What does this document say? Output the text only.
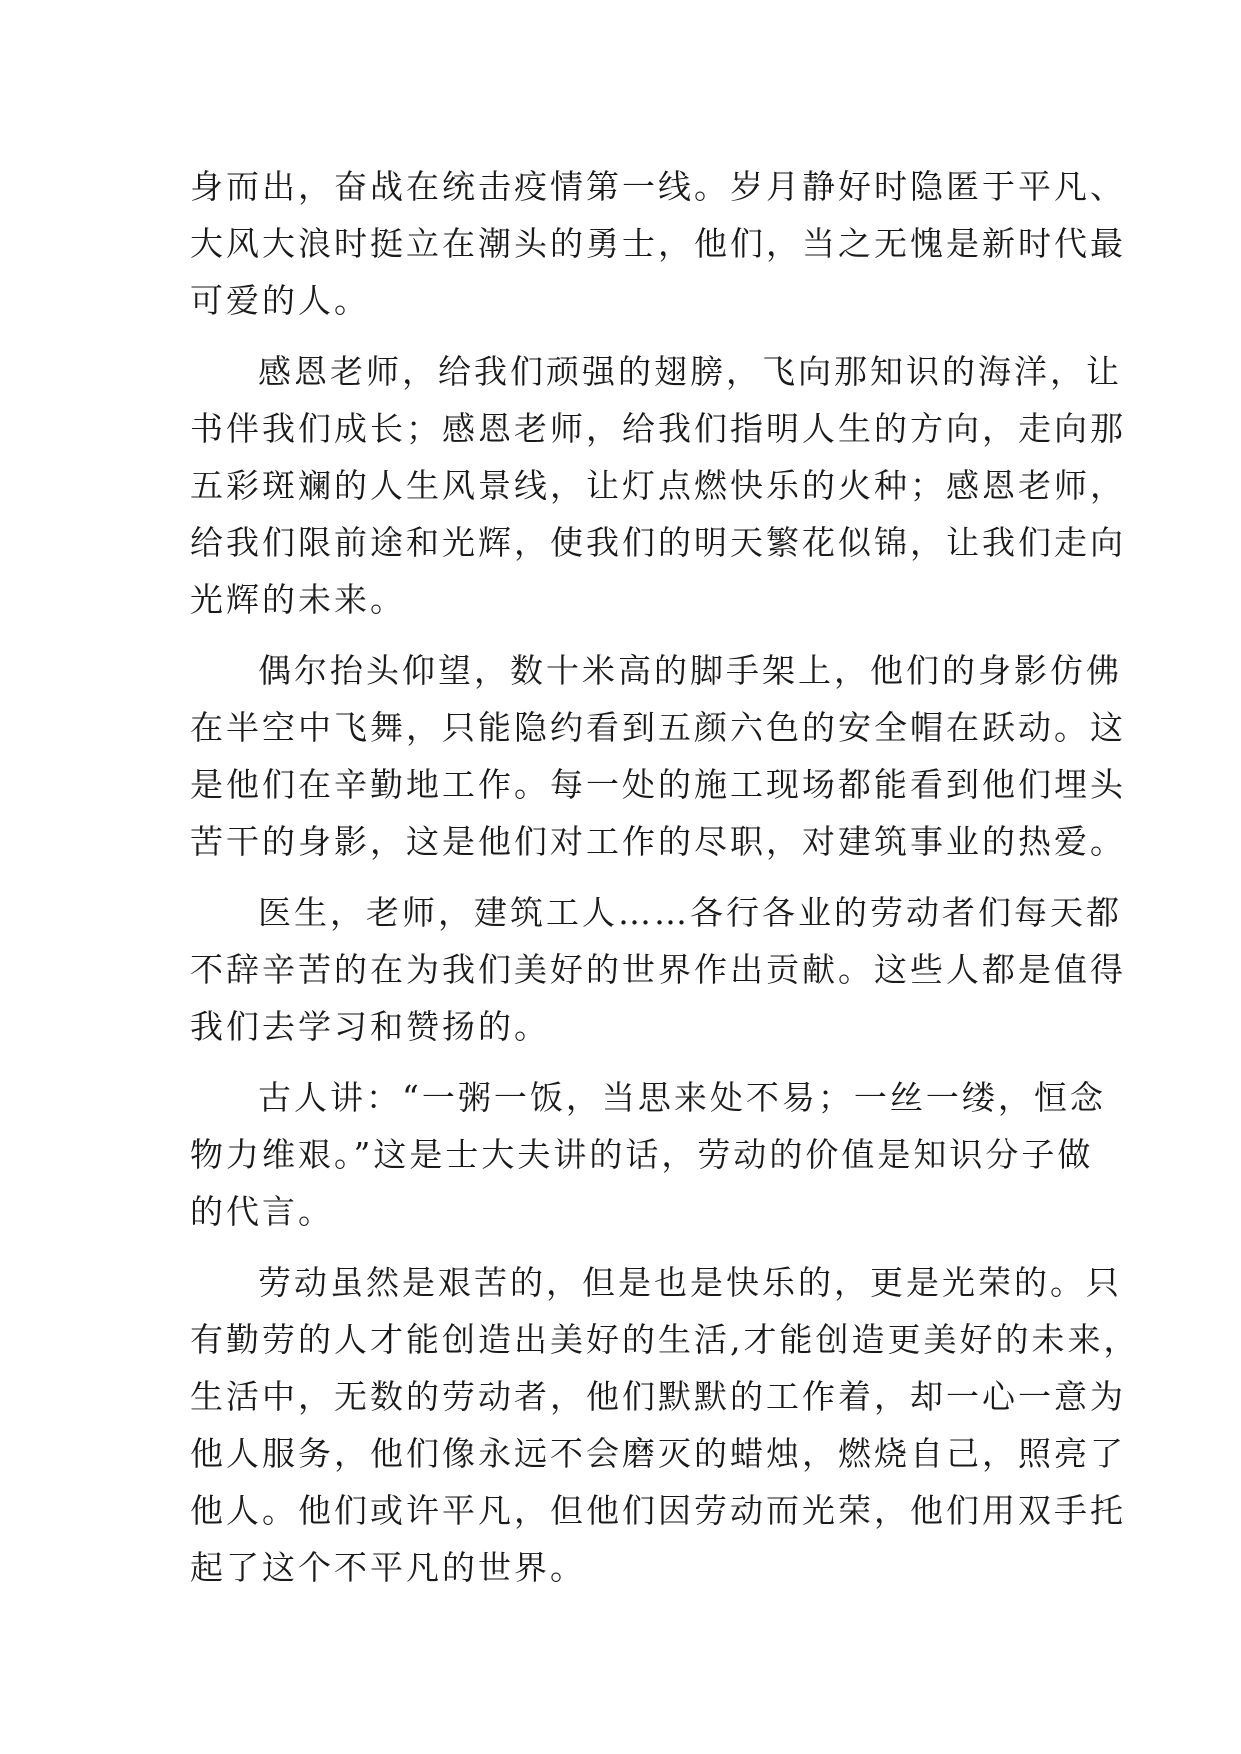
身而出，奋战在统击疫情第一线。岁月静好时隐匿于平凡、
大风大浪时挺立在潮头的勇士，他们，当之无愧是新时代最
可爱的人。
感恩老师，给我们顽强的翅膀，飞向那知识的海洋，让
书伴我们成长；感恩老师，给我们指明人生的方向，走向那
五彩斑斓的人生风景线，让灯点燃快乐的火种；感恩老师，
给我们限前途和光辉，使我们的明天繁花似锦，让我们走向
光辉的未来。
偶尔抬头仰望，数十米高的脚手架上，他们的身影仿佛
在半空中飞舞，只能隐约看到五颜六色的安全帽在跃动。这
是他们在辛勤地工作。每一处的施工现场都能看到他们埋头
苦干的身影，这是他们对工作的尽职，对建筑事业的热爱。
医生，老师，建筑工人……各行各业的劳动者们每天都
不辞辛苦的在为我们美好的世界作出贡献。这些人都是值得
我们去学习和赞扬的。
古人讲：“一粥一饭，当思来处不易；一丝一缕，恒念
物力维艰。”这是士大夫讲的话，劳动的价值是知识分子做
的代言。
劳动虽然是艰苦的，但是也是快乐的，更是光荣的。只
有勤劳的人才能创造出美好的生活,才能创造更美好的未来，
生活中，无数的劳动者，他们默默的工作着，却一心一意为
他人服务，他们像永远不会磨灭的蜡烛，燃烧自己，照亮了
他人。他们或许平凡，但他们因劳动而光荣，他们用双手托
起了这个不平凡的世界。
